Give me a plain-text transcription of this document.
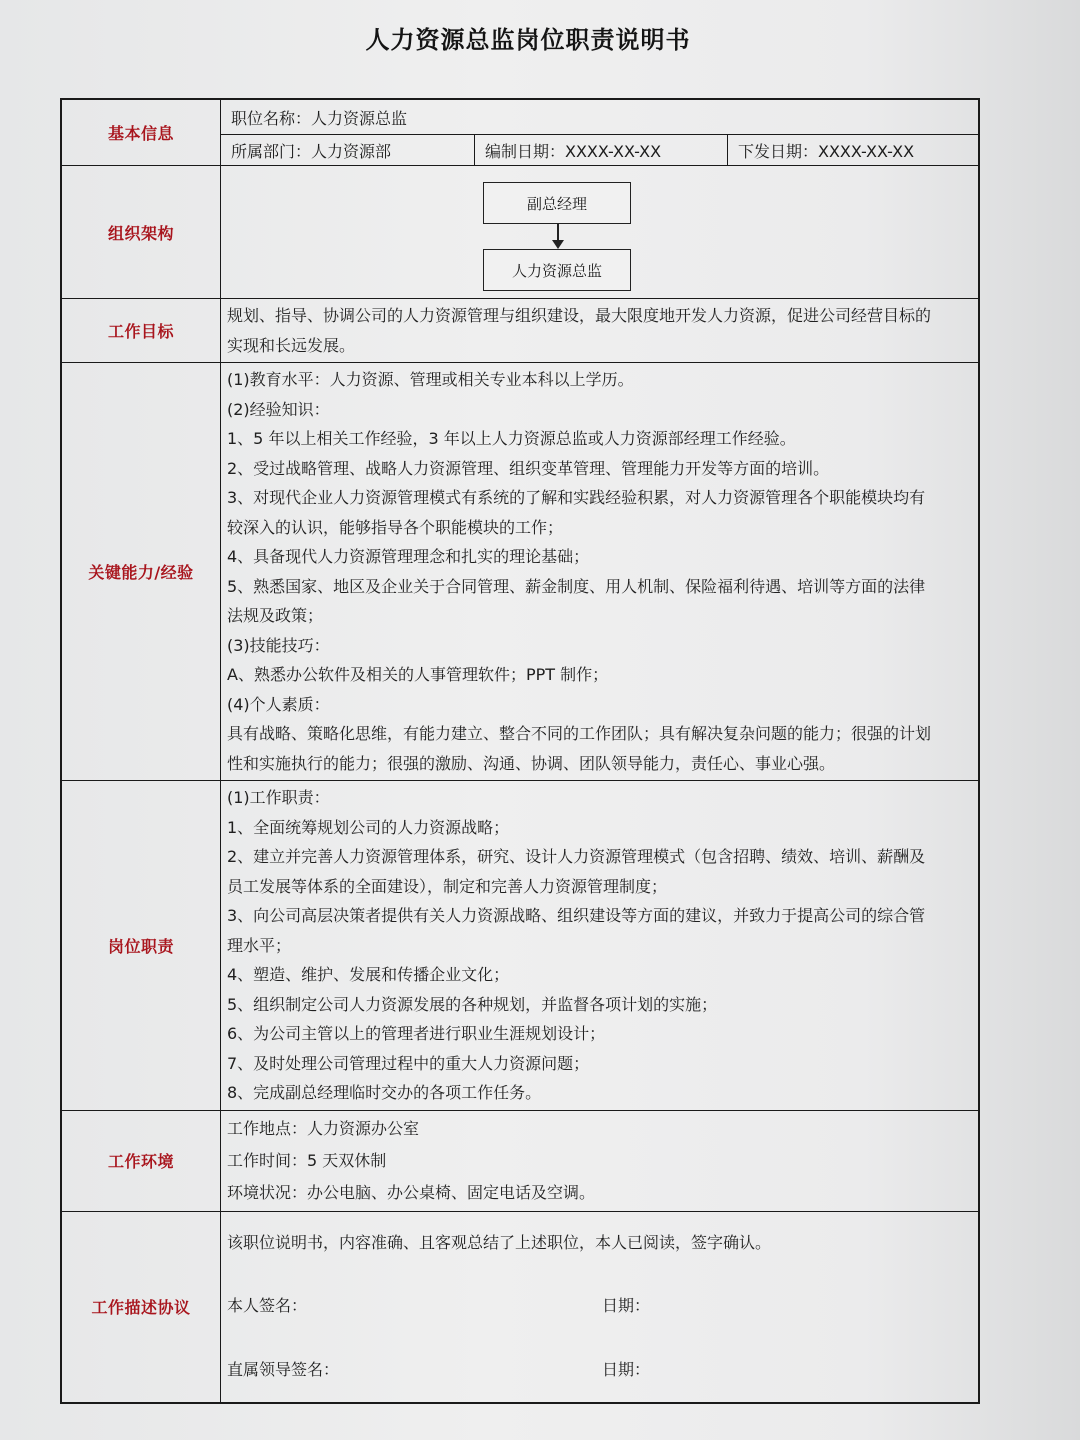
人力资源总监岗位职责说明书
基本信息	职位名称：人力资源总监
所属部门：人力资源部 编制日期：XXXX-XX-XX 下发日期：XXXX-XX-XX

组织架构	副总经理
人力资源总监

工作目标	规划、指导、协调公司的人力资源管理与组织建设，最大限度地开发人力资源，促进公司经营目标的
实现和长远发展。

关键能力/经验	
(1)教育水平：人力资源、管理或相关专业本科以上学历。
(2)经验知识：
1、5 年以上相关工作经验，3 年以上人力资源总监或人力资源部经理工作经验。
2、受过战略管理、战略人力资源管理、组织变革管理、管理能力开发等方面的培训。
3、对现代企业人力资源管理模式有系统的了解和实践经验积累，对人力资源管理各个职能模块均有
较深入的认识，能够指导各个职能模块的工作；
4、具备现代人力资源管理理念和扎实的理论基础；
5、熟悉国家、地区及企业关于合同管理、薪金制度、用人机制、保险福利待遇、培训等方面的法律
法规及政策；
(3)技能技巧：
A、熟悉办公软件及相关的人事管理软件；PPT 制作；
(4)个人素质：
具有战略、策略化思维，有能力建立、整合不同的工作团队；具有解决复杂问题的能力；很强的计划
性和实施执行的能力；很强的激励、沟通、协调、团队领导能力，责任心、事业心强。

岗位职责	
(1)工作职责：
1、全面统筹规划公司的人力资源战略；
2、建立并完善人力资源管理体系，研究、设计人力资源管理模式（包含招聘、绩效、培训、薪酬及
员工发展等体系的全面建设），制定和完善人力资源管理制度；
3、向公司高层决策者提供有关人力资源战略、组织建设等方面的建议，并致力于提高公司的综合管
理水平；
4、塑造、维护、发展和传播企业文化；
5、组织制定公司人力资源发展的各种规划，并监督各项计划的实施；
6、为公司主管以上的管理者进行职业生涯规划设计；
7、及时处理公司管理过程中的重大人力资源问题；
8、完成副总经理临时交办的各项工作任务。

工作环境	工作地点：人力资源办公室
工作时间：5 天双休制
环境状况：办公电脑、办公桌椅、固定电话及空调。

工作描述协议	该职位说明书，内容准确、且客观总结了上述职位，本人已阅读，签字确认。
本人签名： 日期：
直属领导签名： 日期：
